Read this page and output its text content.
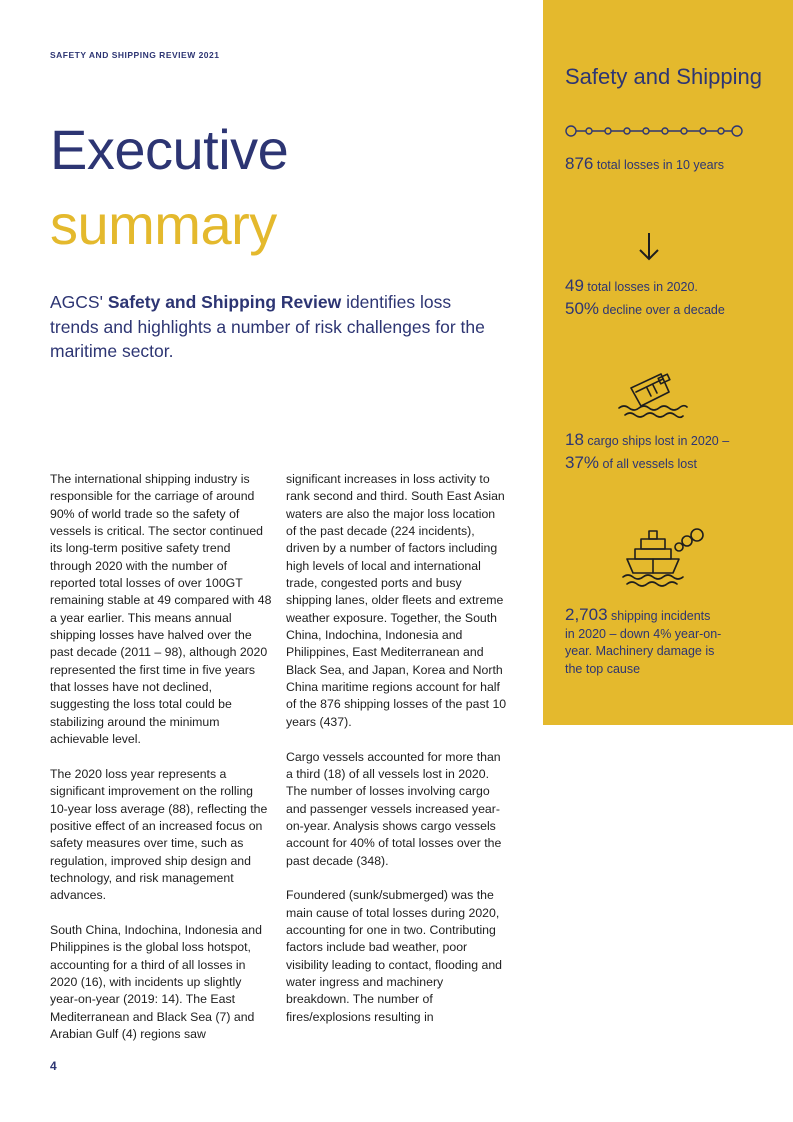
SAFETY AND SHIPPING REVIEW 2021
Executive
summary
AGCS' Safety and Shipping Review identifies loss trends and highlights a number of risk challenges for the maritime sector.

The international shipping industry is responsible for the carriage of around 90% of world trade so the safety of vessels is critical. The sector continued its long-term positive safety trend through 2020 with the number of reported total losses of over 100GT remaining stable at 49 compared with 48 a year earlier. This means annual shipping losses have halved over the past decade (2011 – 98), although 2020 represented the first time in five years that losses have not declined, suggesting the loss total could be stabilizing around the minimum achievable level.

The 2020 loss year represents a significant improvement on the rolling 10-year loss average (88), reflecting the positive effect of an increased focus on safety measures over time, such as regulation, improved ship design and technology, and risk management advances.

South China, Indochina, Indonesia and Philippines is the global loss hotspot, accounting for a third of all losses in 2020 (16), with incidents up slightly year-on-year (2019: 14). The East Mediterranean and Black Sea (7) and Arabian Gulf (4) regions saw

significant increases in loss activity to rank second and third. South East Asian waters are also the major loss location of the past decade (224 incidents), driven by a number of factors including high levels of local and international trade, congested ports and busy shipping lanes, older fleets and extreme weather exposure. Together, the South China, Indochina, Indonesia and Philippines, East Mediterranean and Black Sea, and Japan, Korea and North China maritime regions account for half of the 876 shipping losses of the past 10 years (437).

Cargo vessels accounted for more than a third (18) of all vessels lost in 2020. The number of losses involving cargo and passenger vessels increased year-on-year. Analysis shows cargo vessels account for 40% of total losses over the past decade (348).

Foundered (sunk/submerged) was the main cause of total losses during 2020, accounting for one in two. Contributing factors include bad weather, poor visibility leading to contact, flooding and water ingress and machinery breakdown. The number of fires/explosions resulting in

4
Safety and Shipping
876 total losses in 10 years
49 total losses in 2020.
50% decline over a decade
18 cargo ships lost in 2020 –
37% of all vessels lost
2,703 shipping incidents
in 2020 – down 4% year-on-
year. Machinery damage is
the top cause
